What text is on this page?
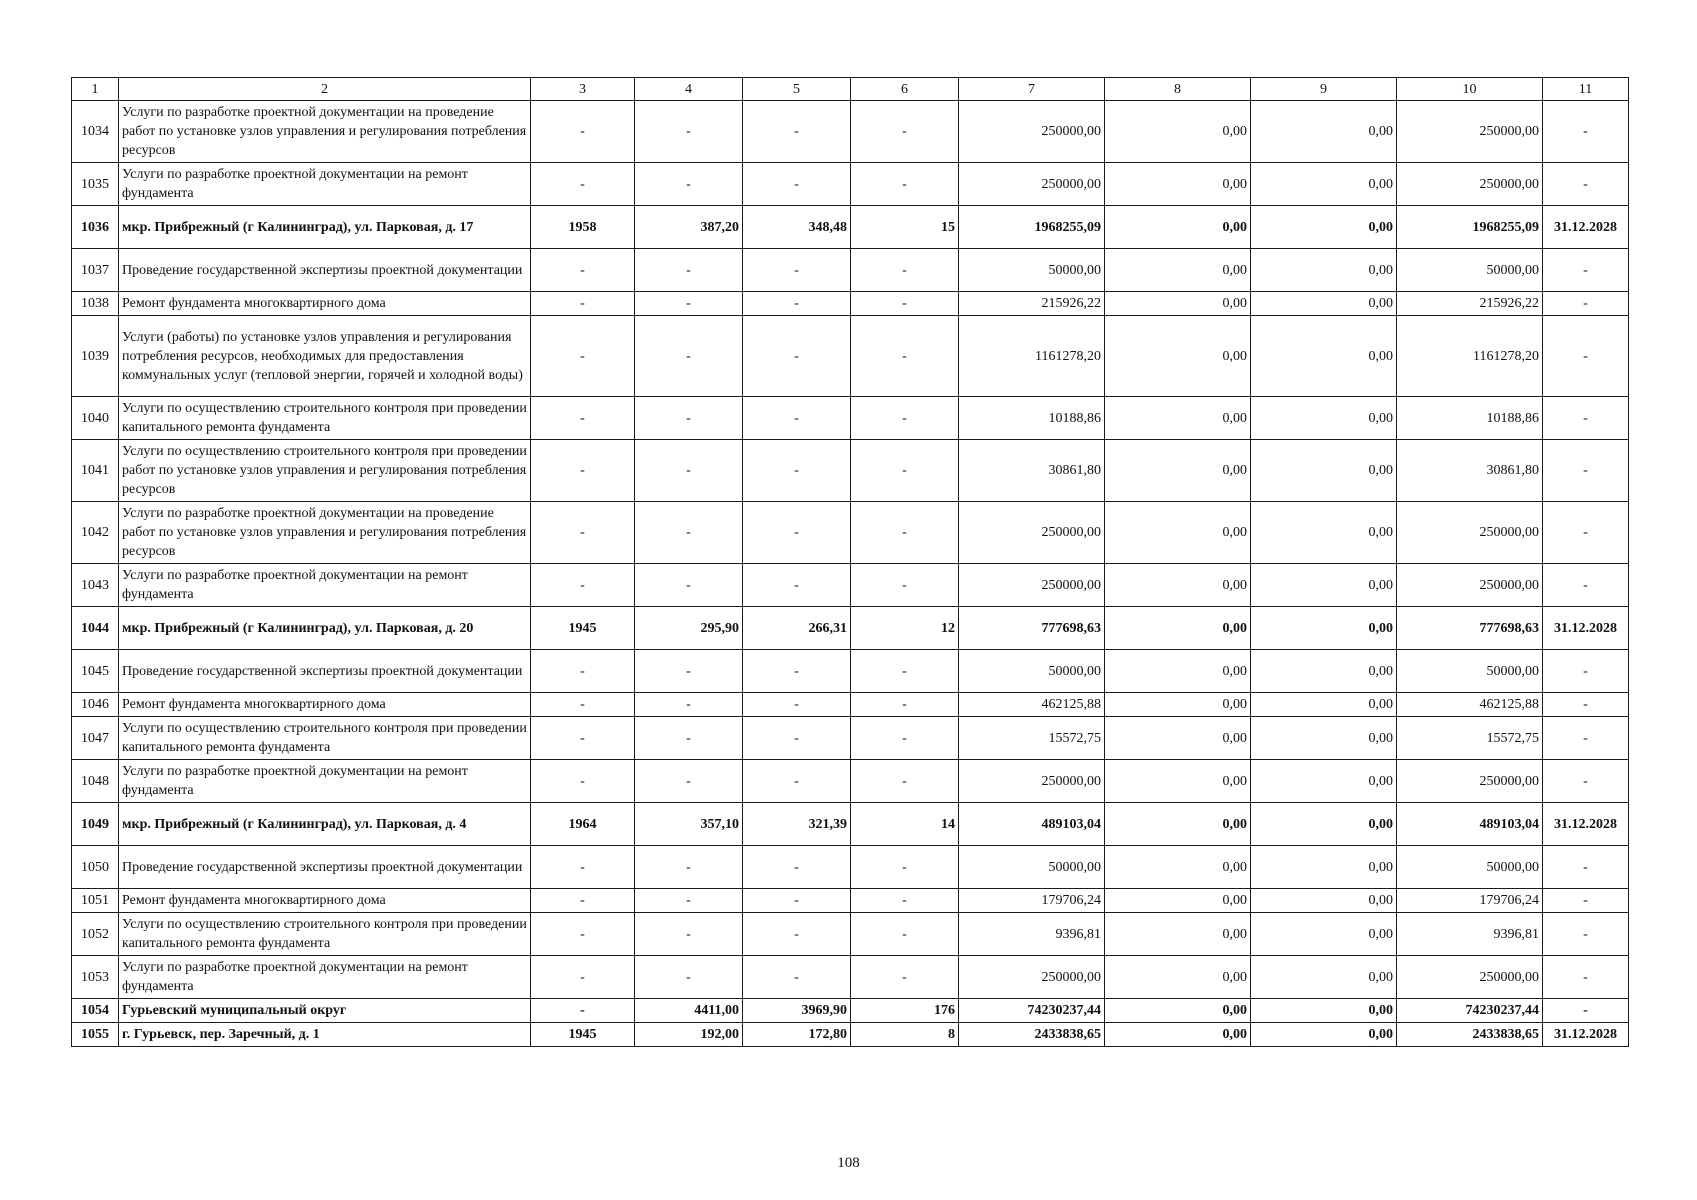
1	2	3	4	5	6	7	8	9	10	11
1034	Услуги по разработке проектной документации на проведение работ по установке узлов управления и регулирования потребления ресурсов	-	-	-	-	250000,00	0,00	0,00	250000,00	-
1035	Услуги по разработке проектной документации на ремонт фундамента	-	-	-	-	250000,00	0,00	0,00	250000,00	-
1036	мкр. Прибрежный (г Калининград), ул. Парковая, д. 17	1958	387,20	348,48	15	1968255,09	0,00	0,00	1968255,09	31.12.2028
1037	Проведение государственной экспертизы проектной документации	-	-	-	-	50000,00	0,00	0,00	50000,00	-
1038	Ремонт фундамента многоквартирного дома	-	-	-	-	215926,22	0,00	0,00	215926,22	-
1039	Услуги (работы) по установке узлов управления и регулирования потребления ресурсов, необходимых для предоставления коммунальных услуг (тепловой энергии, горячей и холодной воды)	-	-	-	-	1161278,20	0,00	0,00	1161278,20	-
1040	Услуги по осуществлению строительного контроля при проведении капитального ремонта фундамента	-	-	-	-	10188,86	0,00	0,00	10188,86	-
1041	Услуги по осуществлению строительного контроля при проведении работ по установке узлов управления и регулирования потребления ресурсов	-	-	-	-	30861,80	0,00	0,00	30861,80	-
1042	Услуги по разработке проектной документации на проведение работ по установке узлов управления и регулирования потребления ресурсов	-	-	-	-	250000,00	0,00	0,00	250000,00	-
1043	Услуги по разработке проектной документации на ремонт фундамента	-	-	-	-	250000,00	0,00	0,00	250000,00	-
1044	мкр. Прибрежный (г Калининград), ул. Парковая, д. 20	1945	295,90	266,31	12	777698,63	0,00	0,00	777698,63	31.12.2028
1045	Проведение государственной экспертизы проектной документации	-	-	-	-	50000,00	0,00	0,00	50000,00	-
1046	Ремонт фундамента многоквартирного дома	-	-	-	-	462125,88	0,00	0,00	462125,88	-
1047	Услуги по осуществлению строительного контроля при проведении капитального ремонта фундамента	-	-	-	-	15572,75	0,00	0,00	15572,75	-
1048	Услуги по разработке проектной документации на ремонт фундамента	-	-	-	-	250000,00	0,00	0,00	250000,00	-
1049	мкр. Прибрежный (г Калининград), ул. Парковая, д. 4	1964	357,10	321,39	14	489103,04	0,00	0,00	489103,04	31.12.2028
1050	Проведение государственной экспертизы проектной документации	-	-	-	-	50000,00	0,00	0,00	50000,00	-
1051	Ремонт фундамента многоквартирного дома	-	-	-	-	179706,24	0,00	0,00	179706,24	-
1052	Услуги по осуществлению строительного контроля при проведении капитального ремонта фундамента	-	-	-	-	9396,81	0,00	0,00	9396,81	-
1053	Услуги по разработке проектной документации на ремонт фундамента	-	-	-	-	250000,00	0,00	0,00	250000,00	-
1054	Гурьевский муниципальный округ	-	4411,00	3969,90	176	74230237,44	0,00	0,00	74230237,44	-
1055	г. Гурьевск, пер. Заречный, д. 1	1945	192,00	172,80	8	2433838,65	0,00	0,00	2433838,65	31.12.2028
108
